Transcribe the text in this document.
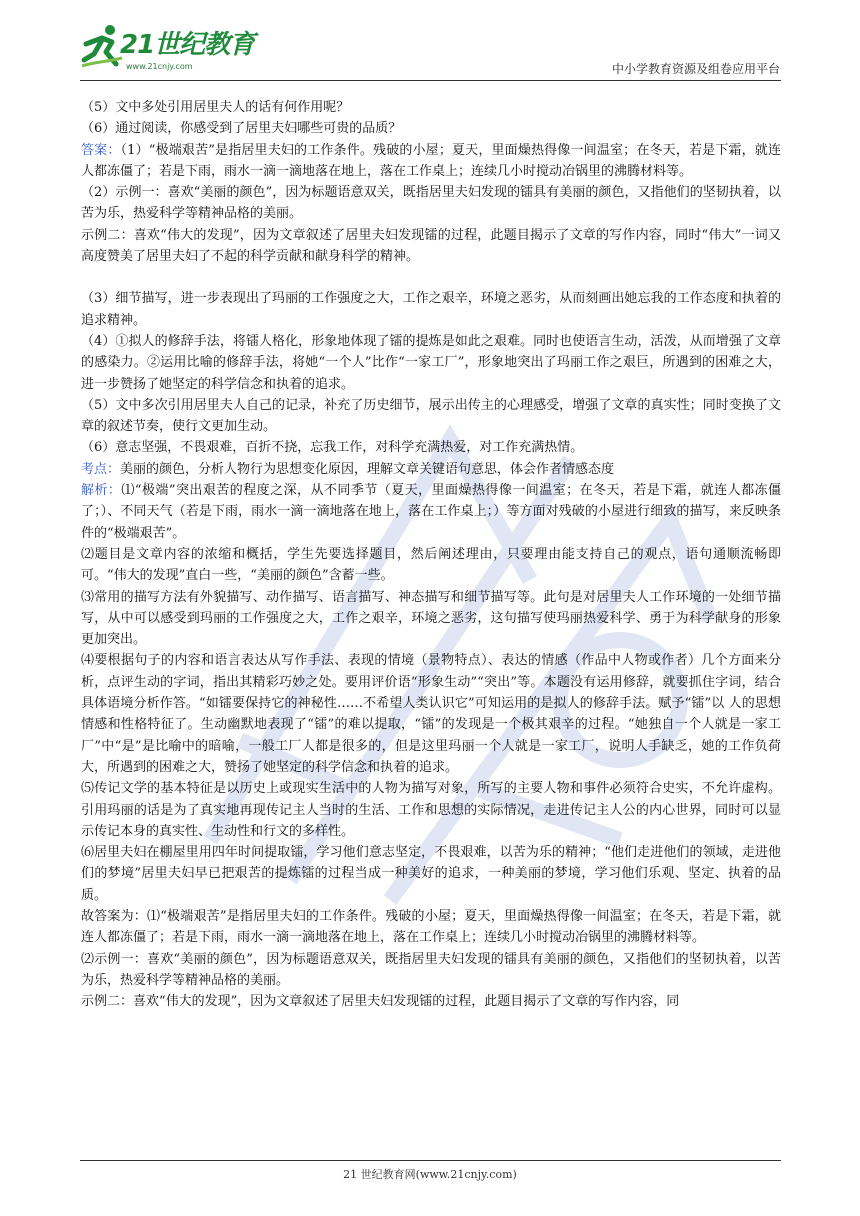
21世纪教育
www.21cnjy.com	中小学教育资源及组卷应用平台

（5）文中多处引用居里夫人的话有何作用呢？

（6）通过阅读，你感受到了居里夫妇哪些可贵的品质？

答案：（1）“极端艰苦”是指居里夫妇的工作条件。残破的小屋；夏天，里面燥热得像一间温室；在冬天，若是下霜，就连人都冻僵了；若是下雨，雨水一滴一滴地落在地上，落在工作桌上；连续几小时搅动冶锅里的沸腾材料等。

（2）示例一：喜欢“美丽的颜色”，因为标题语意双关，既指居里夫妇发现的镭具有美丽的颜色，又指他们的坚韧执着，以苦为乐，热爱科学等精神品格的美丽。

示例二：喜欢“伟大的发现”，因为文章叙述了居里夫妇发现镭的过程，此题目揭示了文章的写作内容，同时“伟大”一词又高度赞美了居里夫妇了不起的科学贡献和献身科学的精神。

（3）细节描写，进一步表现出了玛丽的工作强度之大，工作之艰辛，环境之恶劣，从而刻画出她忘我的工作态度和执着的追求精神。

（4）①拟人的修辞手法，将镭人格化，形象地体现了镭的提炼是如此之艰难。同时也使语言生动，活泼，从而增强了文章的感染力。②运用比喻的修辞手法，将她“一个人”比作“一家工厂”，形象地突出了玛丽工作之艰巨，所遇到的困难之大，进一步赞扬了她坚定的科学信念和执着的追求。

（5）文中多次引用居里夫人自己的记录，补充了历史细节，展示出传主的心理感受，增强了文章的真实性；同时变换了文章的叙述节奏，使行文更加生动。

（6）意志坚强，不畏艰难，百折不挠，忘我工作，对科学充满热爱，对工作充满热情。

考点：美丽的颜色，分析人物行为思想变化原因，理解文章关键语句意思，体会作者情感态度

解析：⑴“极端”突出艰苦的程度之深，从不同季节（夏天，里面燥热得像一间温室；在冬天，若是下霜，就连人都冻僵了；）、不同天气（若是下雨，雨水一滴一滴地落在地上，落在工作桌上；）等方面对残破的小屋进行细致的描写，来反映条件的“极端艰苦”。

⑵题目是文章内容的浓缩和概括，学生先要选择题目，然后阐述理由，只要理由能支持自己的观点，语句通顺流畅即可。“伟大的发现”直白一些，“美丽的颜色”含蓄一些。

⑶常用的描写方法有外貌描写、动作描写、语言描写、神态描写和细节描写等。此句是对居里夫人工作环境的一处细节描写，从中可以感受到玛丽的工作强度之大，工作之艰辛，环境之恶劣，这句描写使玛丽热爱科学、勇于为科学献身的形象更加突出。

⑷要根据句子的内容和语言表达从写作手法、表现的情境（景物特点）、表达的情感（作品中人物或作者）几个方面来分析，点评生动的字词，指出其精彩巧妙之处。要用评价语“形象生动”“突出”等。本题没有运用修辞，就要抓住字词，结合具体语境分析作答。“如镭要保持它的神秘性……不希望人类认识它”可知运用的是拟人的修辞手法。赋予“镭”以 人的思想情感和性格特征了。生动幽默地表现了“镭”的难以提取，“镭”的发现是一个极其艰辛的过程。“她独自一个人就是一家工厂”中“是”是比喻中的暗喻，一般工厂人都是很多的，但是这里玛丽一个人就是一家工厂，说明人手缺乏，她的工作负荷大，所遇到的困难之大，赞扬了她坚定的科学信念和执着的追求。

⑸传记文学的基本特征是以历史上或现实生活中的人物为描写对象，所写的主要人物和事件必须符合史实，不允许虚构。引用玛丽的话是为了真实地再现传记主人当时的生活、工作和思想的实际情况，走进传记主人公的内心世界，同时可以显示传记本身的真实性、生动性和行文的多样性。

⑹居里夫妇在棚屋里用四年时间提取镭，学习他们意志坚定，不畏艰难，以苦为乐的精神；“他们走进他们的领域，走进他们的梦境”居里夫妇早已把艰苦的提炼镭的过程当成一种美好的追求，一种美丽的梦境，学习他们乐观、坚定、执着的品质。

故答案为：⑴“极端艰苦”是指居里夫妇的工作条件。残破的小屋；夏天，里面燥热得像一间温室；在冬天，若是下霜，就连人都冻僵了；若是下雨，雨水一滴一滴地落在地上，落在工作桌上；连续几小时搅动冶锅里的沸腾材料等。

⑵示例一：喜欢“美丽的颜色”，因为标题语意双关，既指居里夫妇发现的镭具有美丽的颜色，又指他们的坚韧执着，以苦为乐，热爱科学等精神品格的美丽。

示例二：喜欢“伟大的发现”，因为文章叙述了居里夫妇发现镭的过程，此题目揭示了文章的写作内容，同

21 世纪教育网(www.21cnjy.com)
